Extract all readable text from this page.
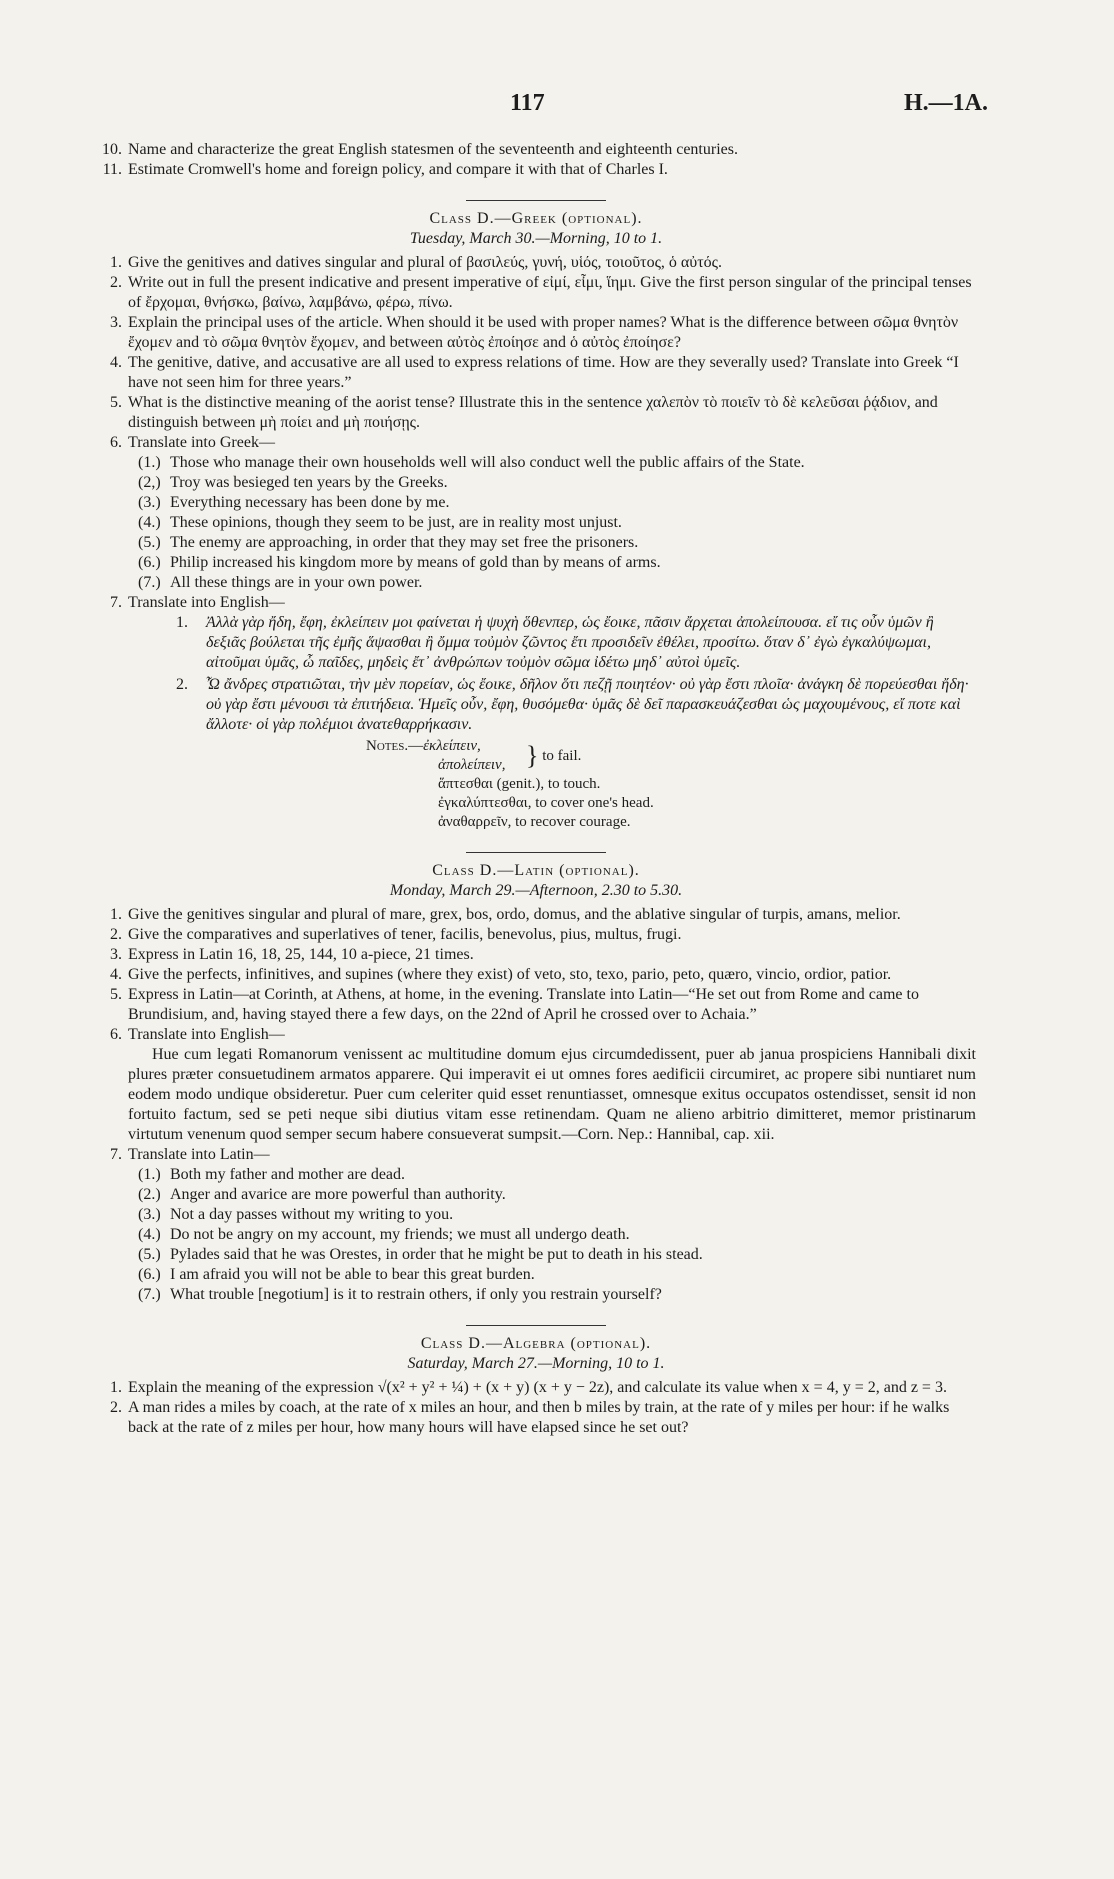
117	H.—1A.
10. Name and characterize the great English statesmen of the seventeenth and eighteenth centuries.
11. Estimate Cromwell's home and foreign policy, and compare it with that of Charles I.
Class D.—Greek (optional).
Tuesday, March 30.—Morning, 10 to 1.
1. Give the genitives and datives singular and plural of βασιλεύς, γυνή, υἱός, τοιοῦτος, ὁ αὐτός.
2. Write out in full the present indicative and present imperative of εἰμί, εἶμι, ἵημι. Give the first person singular of the principal tenses of ἔρχομαι, θνήσκω, βαίνω, λαμβάνω, φέρω, πίνω.
3. Explain the principal uses of the article. When should it be used with proper names? What is the difference between σῶμα θνητὸν ἔχομεν and τὸ σῶμα θνητὸν ἔχομεν, and between αὐτὸς ἐποίησε and ὁ αὐτὸς ἐποίησε?
4. The genitive, dative, and accusative are all used to express relations of time. How are they severally used? Translate into Greek “I have not seen him for three years.”
5. What is the distinctive meaning of the aorist tense? Illustrate this in the sentence χαλεπὸν τὸ ποιεῖν τὸ δὲ κελεῦσαι ῥᾴδιον, and distinguish between μὴ ποίει and μὴ ποιήσῃς.
6. Translate into Greek—
(1.) Those who manage their own households well will also conduct well the public affairs of the State.
(2,) Troy was besieged ten years by the Greeks.
(3.) Everything necessary has been done by me.
(4.) These opinions, though they seem to be just, are in reality most unjust.
(5.) The enemy are approaching, in order that they may set free the prisoners.
(6.) Philip increased his kingdom more by means of gold than by means of arms.
(7.) All these things are in your own power.
7. Translate into English—
1. Ἀλλὰ γὰρ ἤδη, ἔφη, ἐκλείπειν μοι φαίνεται ἡ ψυχὴ ὅθενπερ, ὡς ἔοικε, πᾶσιν ἄρχεται ἀπολείπουσα. εἴ τις οὖν ὑμῶν ἢ δεξιᾶς βούλεται τῆς ἐμῆς ἅψασθαι ἢ ὄμμα τοὐμὸν ζῶντος ἔτι προσιδεῖν ἐθέλει, προσίτω. ὅταν δ᾽ ἐγὼ ἐγκαλύψωμαι, αἰτοῦμαι ὑμᾶς, ὦ παῖδες, μηδεὶς ἔτ᾽ ἀνθρώπων τοὐμὸν σῶμα ἰδέτω μηδ᾽ αὐτοὶ ὑμεῖς.
2. Ὦ ἄνδρες στρατιῶται, τὴν μὲν πορείαν, ὡς ἔοικε, δῆλον ὅτι πεζῇ ποιητέον· οὐ γὰρ ἔστι πλοῖα· ἀνάγκη δὲ πορεύεσθαι ἤδη· οὐ γὰρ ἔστι μένουσι τὰ ἐπιτήδεια. Ἡμεῖς οὖν, ἔφη, θυσόμεθα· ὑμᾶς δὲ δεῖ παρασκευάζεσθαι ὡς μαχουμένους, εἴ ποτε καὶ ἄλλοτε· οἱ γὰρ πολέμιοι ἀνατεθαρρήκασιν.
Notes.—ἐκλείπειν,
ἀπολείπειν, } to fail.
ἅπτεσθαι (genit.), to touch.
ἐγκαλύπτεσθαι, to cover one's head.
ἀναθαρρεῖν, to recover courage.
Class D.—Latin (optional).
Monday, March 29.—Afternoon, 2.30 to 5.30.
1. Give the genitives singular and plural of mare, grex, bos, ordo, domus, and the ablative singular of turpis, amans, melior.
2. Give the comparatives and superlatives of tener, facilis, benevolus, pius, multus, frugi.
3. Express in Latin 16, 18, 25, 144, 10 a-piece, 21 times.
4. Give the perfects, infinitives, and supines (where they exist) of veto, sto, texo, pario, peto, quæro, vincio, ordior, patior.
5. Express in Latin—at Corinth, at Athens, at home, in the evening. Translate into Latin—“He set out from Rome and came to Brundisium, and, having stayed there a few days, on the 22nd of April he crossed over to Achaia.”
6. Translate into English—
Hue cum legati Romanorum venissent ac multitudine domum ejus circumdedissent, puer ab janua prospiciens Hannibali dixit plures præter consuetudinem armatos apparere. Qui imperavit ei ut omnes fores aedificii circumiret, ac propere sibi nuntiaret num eodem modo undique obsideretur. Puer cum celeriter quid esset renuntiasset, omnesque exitus occupatos ostendisset, sensit id non fortuito factum, sed se peti neque sibi diutius vitam esse retinendam. Quam ne alieno arbitrio dimitteret, memor pristinarum virtutum venenum quod semper secum habere consueverat sumpsit.—Corn. Nep.: Hannibal, cap. xii.
7. Translate into Latin—
(1.) Both my father and mother are dead.
(2.) Anger and avarice are more powerful than authority.
(3.) Not a day passes without my writing to you.
(4.) Do not be angry on my account, my friends; we must all undergo death.
(5.) Pylades said that he was Orestes, in order that he might be put to death in his stead.
(6.) I am afraid you will not be able to bear this great burden.
(7.) What trouble [negotium] is it to restrain others, if only you restrain yourself?
Class D.—Algebra (optional).
Saturday, March 27.—Morning, 10 to 1.
1. Explain the meaning of the expression √(x² + y² + ¼) + (x + y) (x + y − 2z), and calculate its value when x = 4, y = 2, and z = 3.
2. A man rides a miles by coach, at the rate of x miles an hour, and then b miles by train, at the rate of y miles per hour: if he walks back at the rate of z miles per hour, how many hours will have elapsed since he set out?
